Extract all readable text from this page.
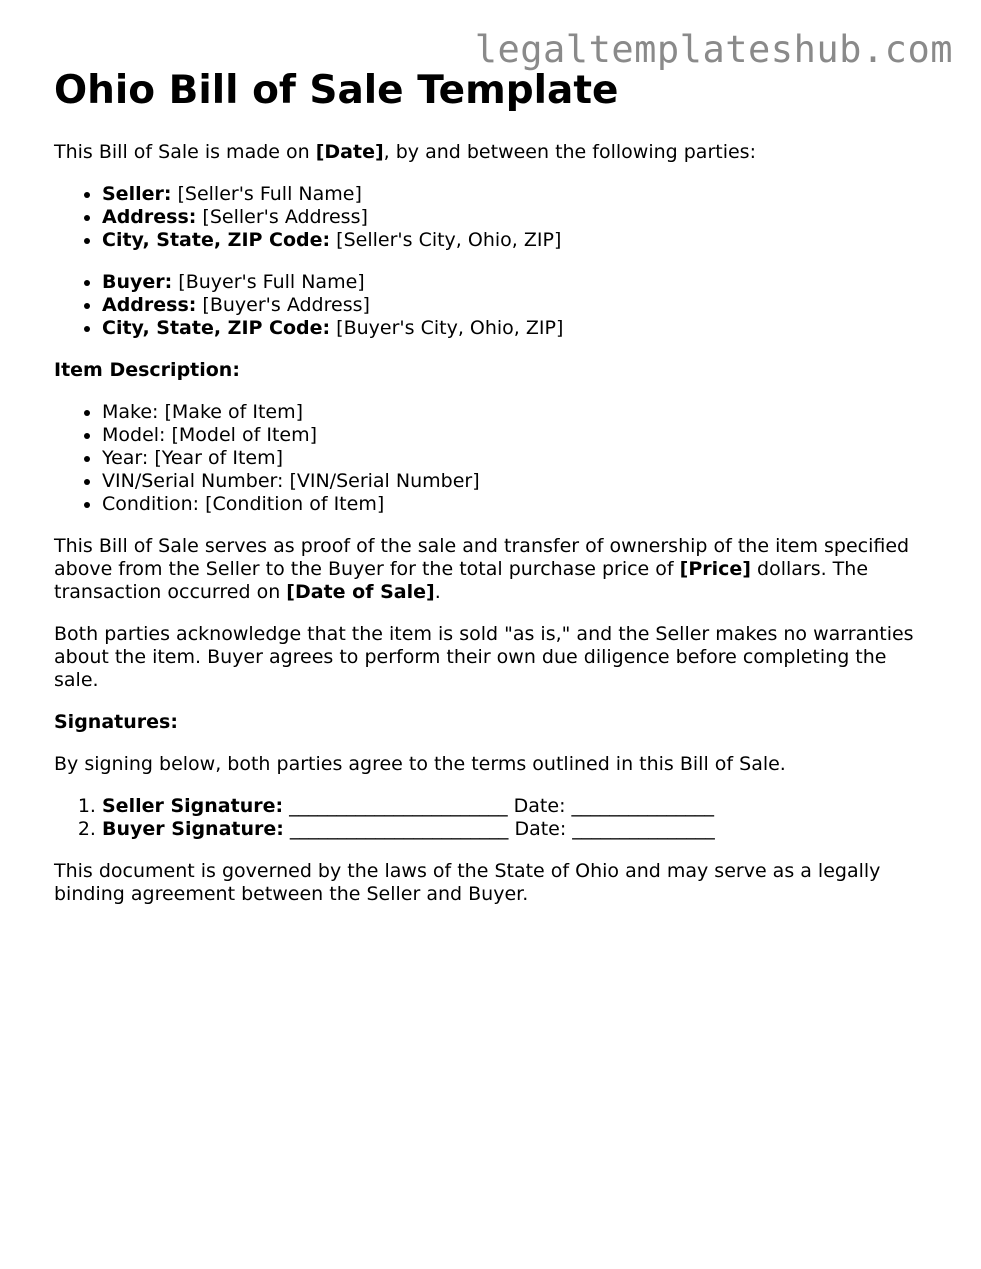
legaltemplateshub.com
Ohio Bill of Sale Template

This Bill of Sale is made on [Date], by and between the following parties:

• Seller: [Seller's Full Name]
• Address: [Seller's Address]
• City, State, ZIP Code: [Seller's City, Ohio, ZIP]
• Buyer: [Buyer's Full Name]
• Address: [Buyer's Address]
• City, State, ZIP Code: [Buyer's City, Ohio, ZIP]

Item Description:

• Make: [Make of Item]
• Model: [Model of Item]
• Year: [Year of Item]
• VIN/Serial Number: [VIN/Serial Number]
• Condition: [Condition of Item]

This Bill of Sale serves as proof of the sale and transfer of ownership of the item specified above from the Seller to the Buyer for the total purchase price of [Price] dollars. The transaction occurred on [Date of Sale].

Both parties acknowledge that the item is sold "as is," and the Seller makes no warranties about the item. Buyer agrees to perform their own due diligence before completing the sale.

Signatures:

By signing below, both parties agree to the terms outlined in this Bill of Sale.

1. Seller Signature: _______________________ Date: _______________
2. Buyer Signature: _______________________ Date: _______________

This document is governed by the laws of the State of Ohio and may serve as a legally binding agreement between the Seller and Buyer.
